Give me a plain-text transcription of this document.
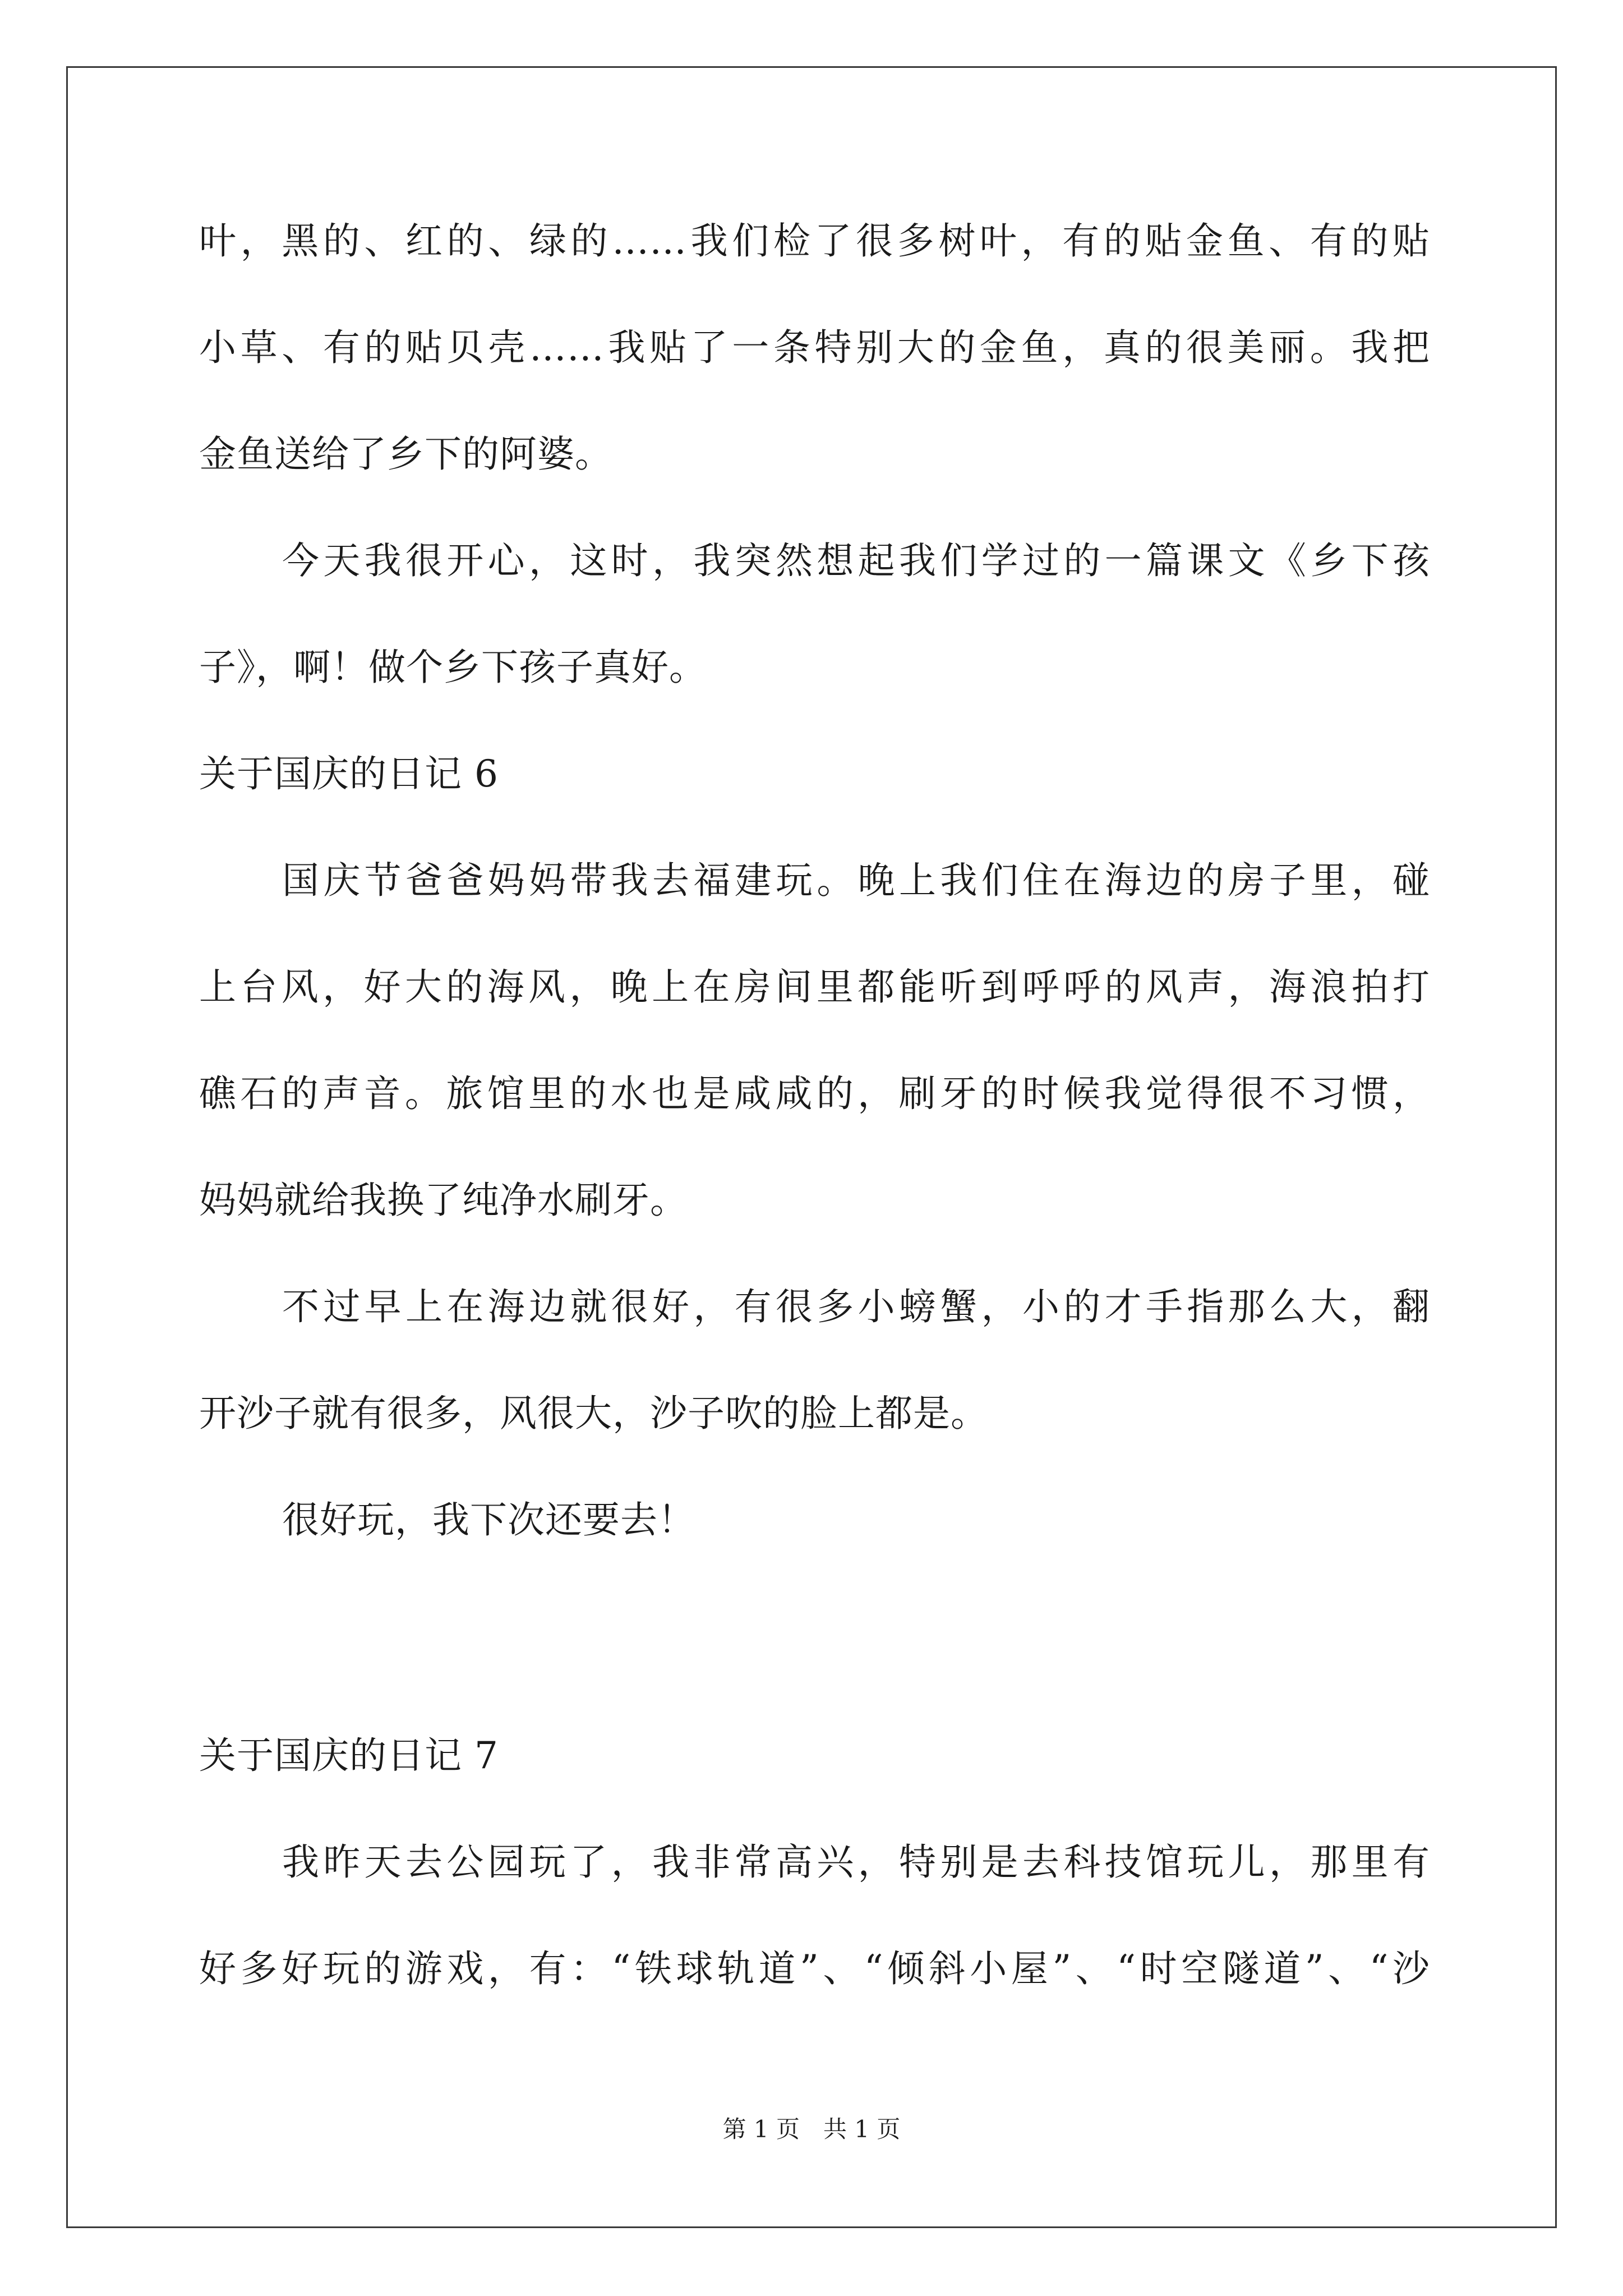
叶，黑的、红的、绿的……我们检了很多树叶，有的贴金鱼、有的贴
小草、有的贴贝壳……我贴了一条特别大的金鱼，真的很美丽。我把
金鱼送给了乡下的阿婆。
今天我很开心，这时，我突然想起我们学过的一篇课文《乡下孩
子》，啊！做个乡下孩子真好。
关于国庆的日记 6
国庆节爸爸妈妈带我去福建玩。晚上我们住在海边的房子里，碰
上台风，好大的海风，晚上在房间里都能听到呼呼的风声，海浪拍打
礁石的声音。旅馆里的水也是咸咸的，刷牙的时候我觉得很不习惯，
妈妈就给我换了纯净水刷牙。
不过早上在海边就很好，有很多小螃蟹，小的才手指那么大，翻
开沙子就有很多，风很大，沙子吹的脸上都是。
很好玩，我下次还要去！
关于国庆的日记 7
我昨天去公园玩了，我非常高兴，特别是去科技馆玩儿，那里有
好多好玩的游戏，有：“铁球轨道”、“倾斜小屋”、“时空隧道”、“沙
第 1 页　共 1 页
